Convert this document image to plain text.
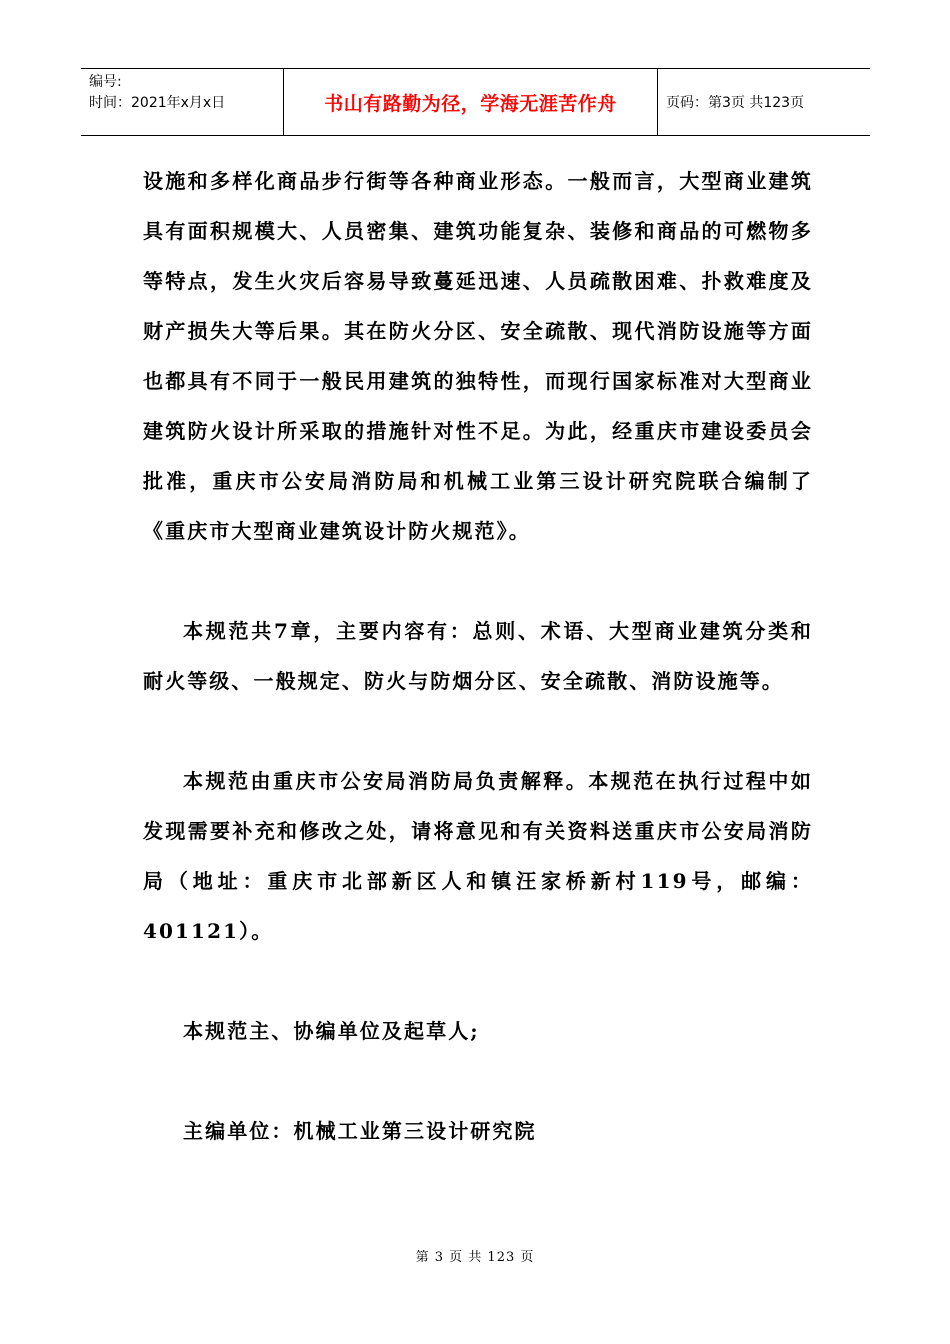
编号:
时间：2021年x月x日	书山有路勤为径，学海无涯苦作舟	页码：第3页 共123页

设施和多样化商品步行街等各种商业形态。一般而言，大型商业建筑具有面积规模大、人员密集、建筑功能复杂、装修和商品的可燃物多等特点，发生火灾后容易导致蔓延迅速、人员疏散困难、扑救难度及财产损失大等后果。其在防火分区、安全疏散、现代消防设施等方面也都具有不同于一般民用建筑的独特性，而现行国家标准对大型商业建筑防火设计所采取的措施针对性不足。为此，经重庆市建设委员会批准，重庆市公安局消防局和机械工业第三设计研究院联合编制了《重庆市大型商业建筑设计防火规范》。

本规范共7章，主要内容有：总则、术语、大型商业建筑分类和耐火等级、一般规定、防火与防烟分区、安全疏散、消防设施等。

本规范由重庆市公安局消防局负责解释。本规范在执行过程中如发现需要补充和修改之处，请将意见和有关资料送重庆市公安局消防局（地址：重庆市北部新区人和镇汪家桥新村119号，邮编：401121）。

本规范主、协编单位及起草人;

主编单位：机械工业第三设计研究院

第 3 页 共 123 页
